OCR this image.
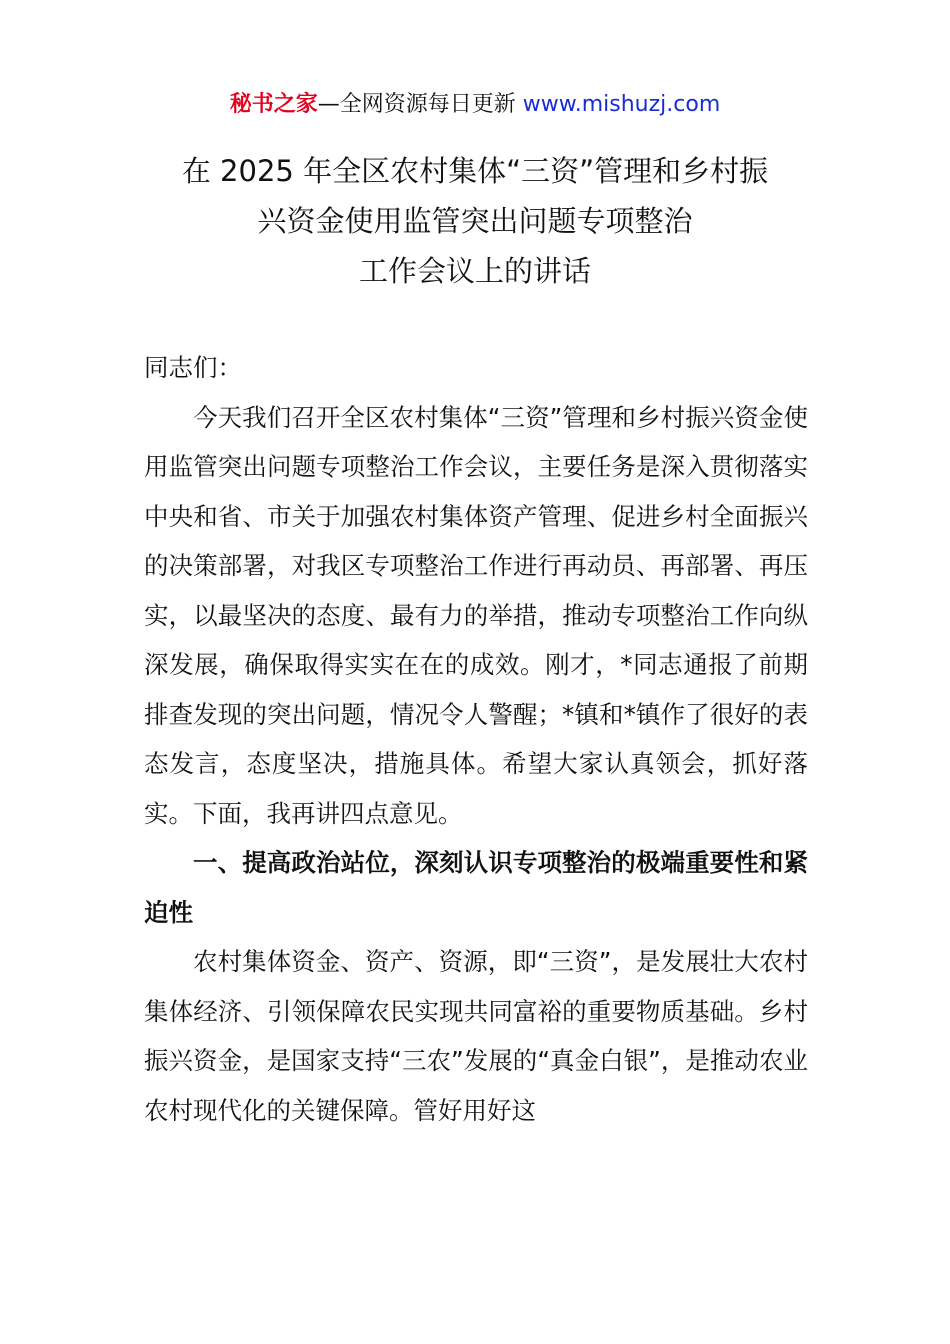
秘书之家—全网资源每日更新 www.mishuzj.com
在 2025 年全区农村集体“三资”管理和乡村振
兴资金使用监管突出问题专项整治
工作会议上的讲话

同志们：

今天我们召开全区农村集体“三资”管理和乡村振兴资金使用监管突出问题专项整治工作会议，主要任务是深入贯彻落实中央和省、市关于加强农村集体资产管理、促进乡村全面振兴的决策部署，对我区专项整治工作进行再动员、再部署、再压实，以最坚决的态度、最有力的举措，推动专项整治工作向纵深发展，确保取得实实在在的成效。刚才，*同志通报了前期排查发现的突出问题，情况令人警醒；*镇和*镇作了很好的表态发言，态度坚决，措施具体。希望大家认真领会，抓好落实。下面，我再讲四点意见。

一、提高政治站位，深刻认识专项整治的极端重要性和紧迫性

农村集体资金、资产、资源，即“三资”，是发展壮大农村集体经济、引领保障农民实现共同富裕的重要物质基础。乡村振兴资金，是国家支持“三农”发展的“真金白银”，是推动农业农村现代化的关键保障。管好用好这
